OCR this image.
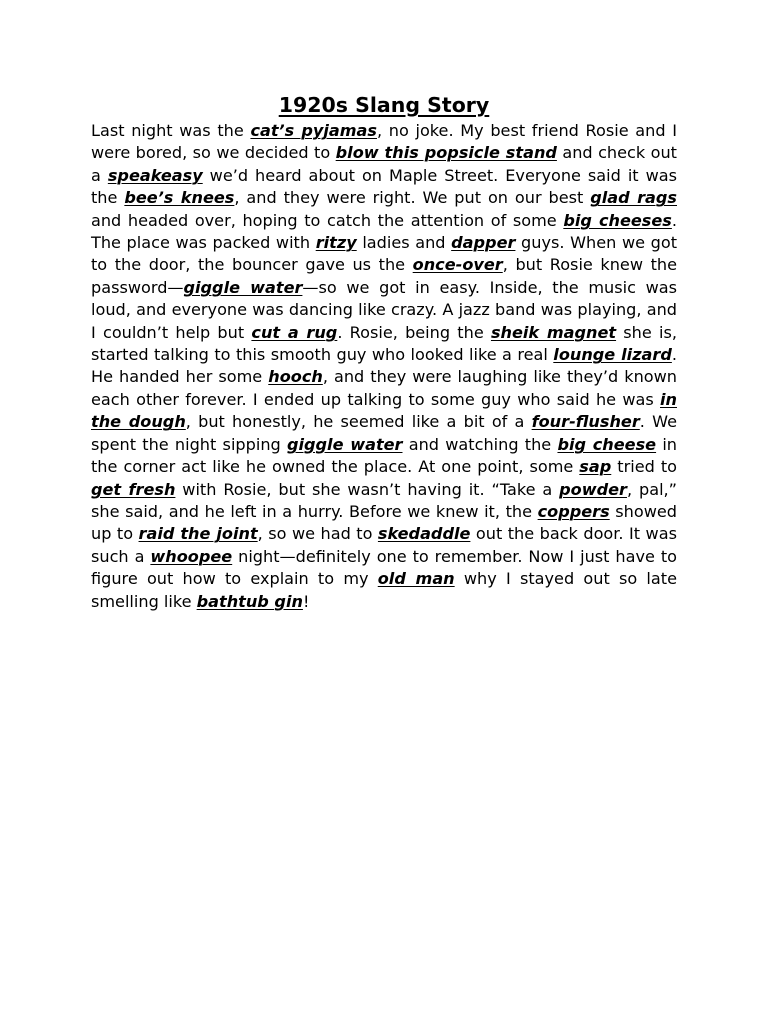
1920s Slang Story

Last night was the cat’s pyjamas, no joke. My best friend Rosie and I were bored, so we decided to blow this popsicle stand and check out a speakeasy we’d heard about on Maple Street. Everyone said it was the bee’s knees, and they were right. We put on our best glad rags and headed over, hoping to catch the attention of some big cheeses. The place was packed with ritzy ladies and dapper guys. When we got to the door, the bouncer gave us the once-over, but Rosie knew the password—giggle water—so we got in easy. Inside, the music was loud, and everyone was dancing like crazy. A jazz band was playing, and I couldn’t help but cut a rug. Rosie, being the sheik magnet she is, started talking to this smooth guy who looked like a real lounge lizard. He handed her some hooch, and they were laughing like they’d known each other forever. I ended up talking to some guy who said he was in the dough, but honestly, he seemed like a bit of a four-flusher. We spent the night sipping giggle water and watching the big cheese in the corner act like he owned the place. At one point, some sap tried to get fresh with Rosie, but she wasn’t having it. “Take a powder, pal,” she said, and he left in a hurry. Before we knew it, the coppers showed up to raid the joint, so we had to skedaddle out the back door. It was such a whoopee night—definitely one to remember. Now I just have to figure out how to explain to my old man why I stayed out so late smelling like bathtub gin!
